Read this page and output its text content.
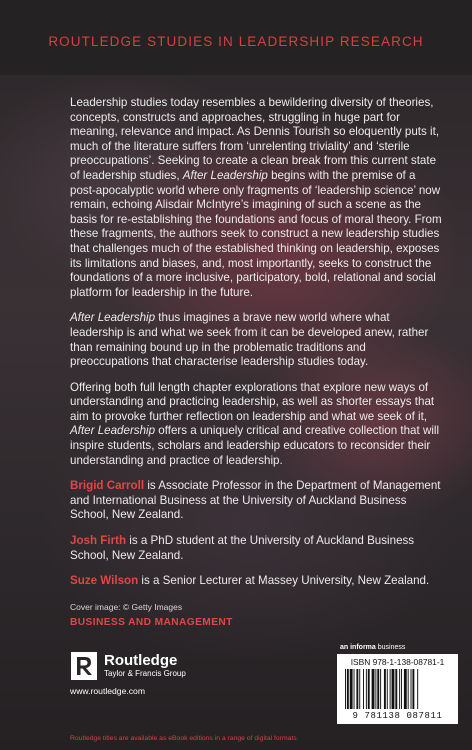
ROUTLEDGE STUDIES IN LEADERSHIP RESEARCH

Leadership studies today resembles a bewildering diversity of theories, concepts, constructs and approaches, struggling in huge part for meaning, relevance and impact. As Dennis Tourish so eloquently puts it, much of the literature suffers from ‘unrelenting triviality’ and ‘sterile preoccupations’. Seeking to create a clean break from this current state of leadership studies, After Leadership begins with the premise of a post-apocalyptic world where only fragments of ‘leadership science’ now remain, echoing Alisdair McIntyre’s imagining of such a scene as the basis for re-establishing the foundations and focus of moral theory. From these fragments, the authors seek to construct a new leadership studies that challenges much of the established thinking on leadership, exposes its limitations and biases, and, most importantly, seeks to construct the foundations of a more inclusive, participatory, bold, relational and social platform for leadership in the future.

After Leadership thus imagines a brave new world where what leadership is and what we seek from it can be developed anew, rather than remaining bound up in the problematic traditions and preoccupations that characterise leadership studies today.

Offering both full length chapter explorations that explore new ways of understanding and practicing leadership, as well as shorter essays that aim to provoke further reflection on leadership and what we seek of it, After Leadership offers a uniquely critical and creative collection that will inspire students, scholars and leadership educators to reconsider their understanding and practice of leadership.

Brigid Carroll is Associate Professor in the Department of Management and International Business at the University of Auckland Business School, New Zealand.
Josh Firth is a PhD student at the University of Auckland Business School, New Zealand.
Suze Wilson is a Senior Lecturer at Massey University, New Zealand.
Cover image: © Getty Images
BUSINESS AND MANAGEMENT
Routledge
Taylor & Francis Group
www.routledge.com
an informa business
ISBN 978-1-138-08781-1
9 781138 087811
Routledge titles are available as eBook editions in a range of digital formats
